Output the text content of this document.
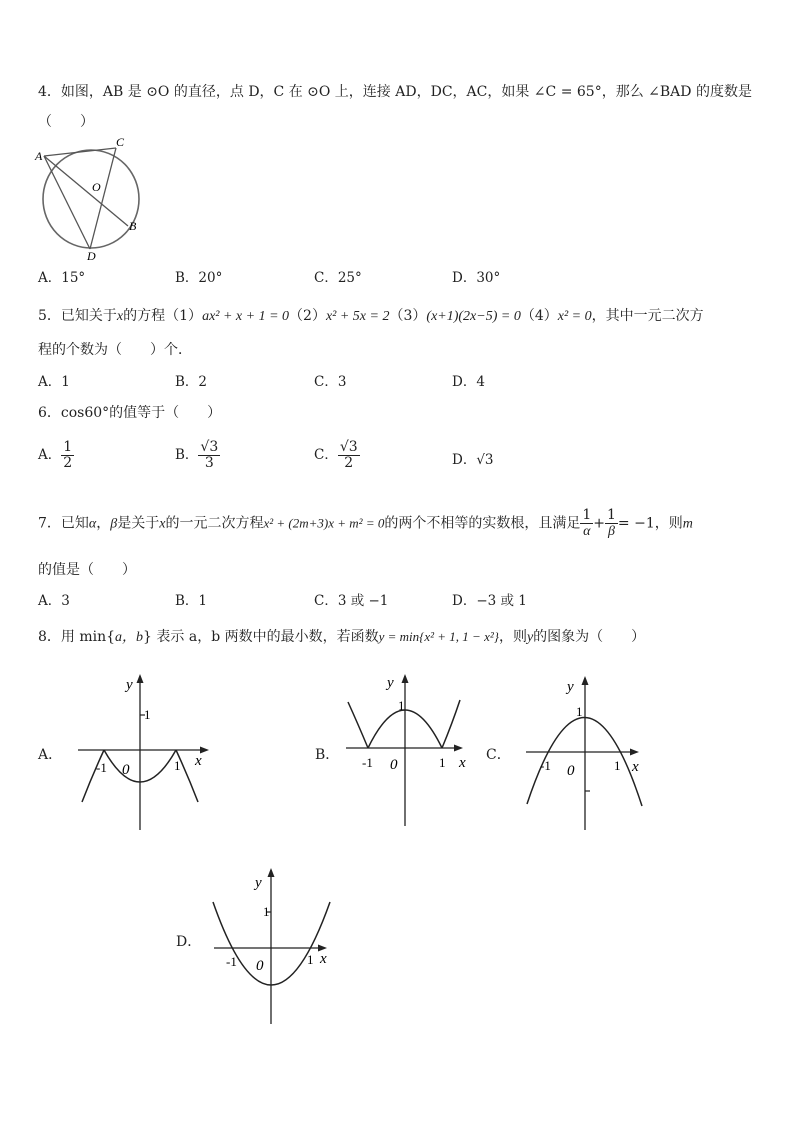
4．如图，AB 是 ⊙O 的直径，点 D，C 在 ⊙O 上，连接 AD，DC，AC，如果 ∠C = 65°，那么 ∠BAD 的度数是
（　　）
A
C
O
B
D
A．15°	B．20°	C．25°	D．30°
5．已知关于x的方程（1）ax² + x + 1 = 0（2）x² + 5x = 2（3）(x+1)(2x−5) = 0（4）x² = 0，其中一元二次方
程的个数为（　　）个．
A．1	B．2	C．3	D．4
6．cos60°的值等于（　　）
A． $\frac{1}{2}$	B． $\frac{√3}{3}$	C． $\frac{√3}{2}$	D．√3
7．已知α，β是关于x的一元二次方程x² + (2m+3)x + m² = 0的两个不相等的实数根，且满足 $\frac{1}{\alpha} + \frac{1}{\beta} = -1$，则m
的值是（　　）
A．3	B．1	C．3 或 −1	D．−3 或 1
8．用 min{a，b} 表示 a，b 两数中的最小数，若函数y = min{x² + 1, 1 − x²}，则y的图象为（　　）
A．	B．	C．
D．
y
1
-1 0	1 x
y
1
-1 0	1 x
y
1
-1 0	1 x
y
1
-1 0	1 x
